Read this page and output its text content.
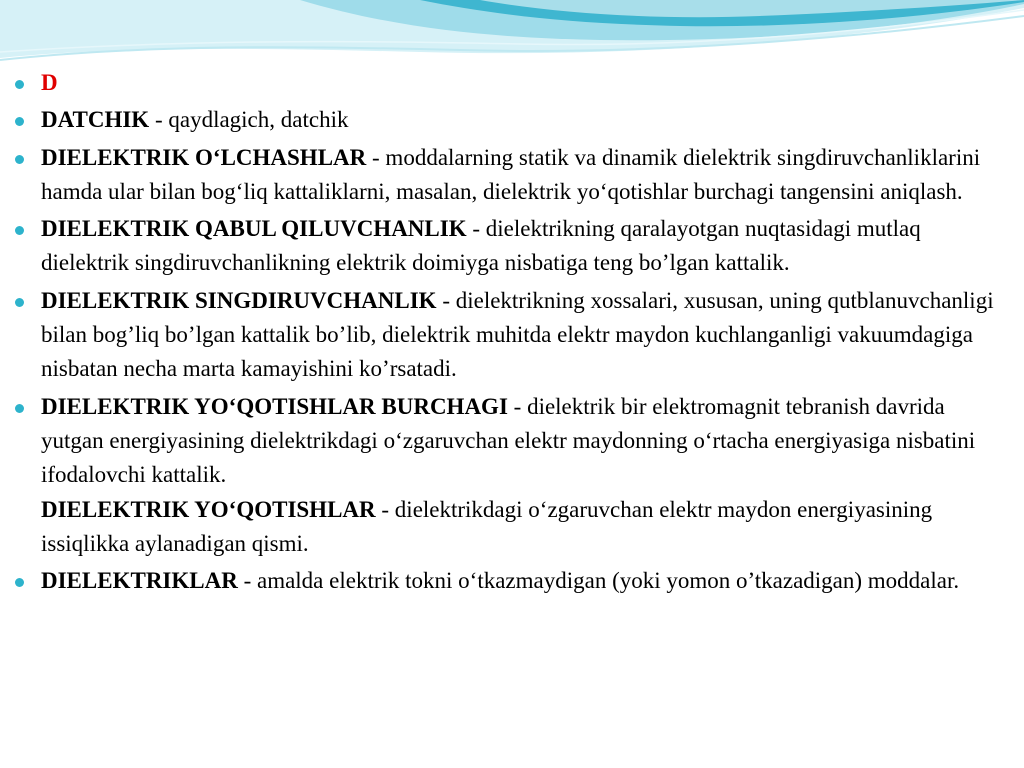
D
DATCHIK - qaydlagich, datchik
DIELEKTRIK O‘LCHASHLAR - moddalarning statik va dinamik dielektrik singdiruvchanliklarini hamda ular bilan bog‘liq kattaliklarni, masalan, dielektrik yo‘qotishlar burchagi tangensini aniqlash.
DIELEKTRIK QABUL QILUVCHANLIK - dielektrikning qaralayotgan nuqtasidagi mutlaq dielektrik singdiruvchanlikning elektrik doimiyga nisbatiga teng bo’lgan kattalik.
DIELEKTRIK SINGDIRUVCHANLIK - dielektrikning xossalari, xususan, uning qutblanuvchanligi bilan bog’liq bo’lgan kattalik bo’lib, dielektrik muhitda elektr maydon kuchlanganligi vakuumdagiga nisbatan necha marta kamayishini ko’rsatadi.
DIELEKTRIK YO‘QOTISHLAR BURCHAGI - dielektrik bir elektromagnit tebranish davrida yutgan energiyasining dielektrikdagi o‘zgaruvchan elektr maydonning o‘rtacha energiyasiga nisbatini ifodalovchi kattalik.
DIELEKTRIK YO‘QOTISHLAR - dielektrikdagi o‘zgaruvchan elektr maydon energiyasining issiqlikka aylanadigan qismi.
DIELEKTRIKLAR - amalda elektrik tokni o‘tkazmaydigan (yoki yomon o’tkazadigan) moddalar.
